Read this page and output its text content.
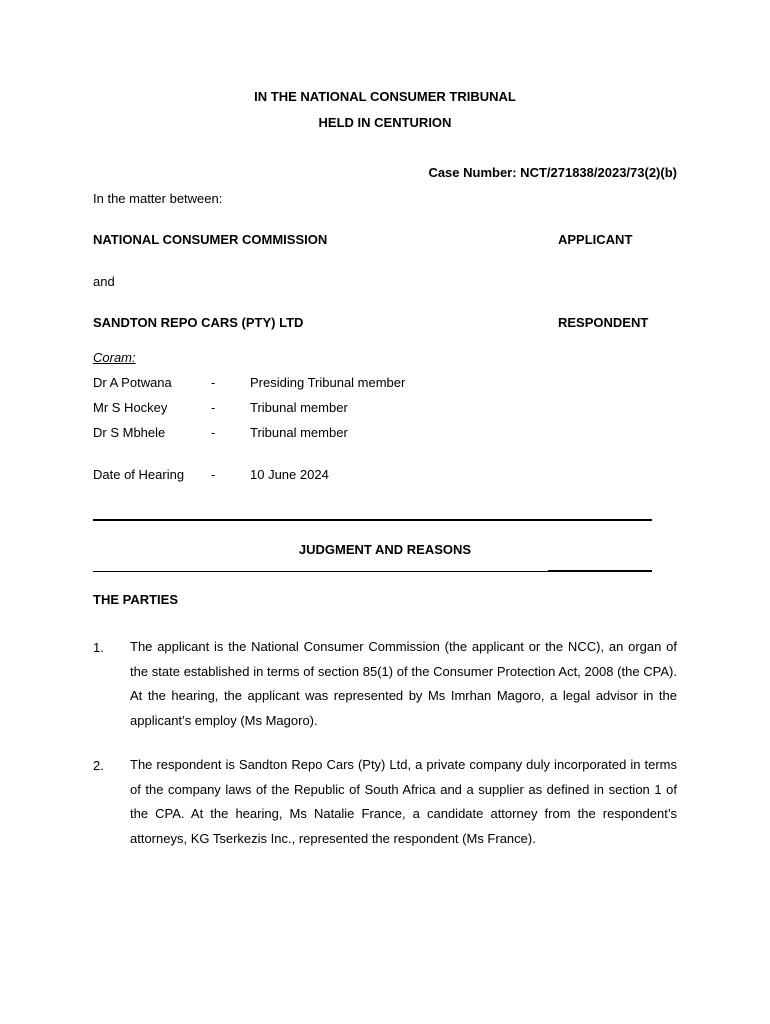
IN THE NATIONAL CONSUMER TRIBUNAL
HELD IN CENTURION
Case Number: NCT/271838/2023/73(2)(b)
In the matter between:
NATIONAL CONSUMER COMMISSION	APPLICANT
and
SANDTON REPO CARS (PTY) LTD	RESPONDENT
Coram:
Dr A Potwana	-	Presiding Tribunal member
Mr S Hockey	-	Tribunal member
Dr S Mbhele	-	Tribunal member
Date of Hearing -	10 June 2024
JUDGMENT AND REASONS
THE PARTIES
1. The applicant is the National Consumer Commission (the applicant or the NCC), an organ of the state established in terms of section 85(1) of the Consumer Protection Act, 2008 (the CPA). At the hearing, the applicant was represented by Ms Imrhan Magoro, a legal advisor in the applicant’s employ (Ms Magoro).
2. The respondent is Sandton Repo Cars (Pty) Ltd, a private company duly incorporated in terms of the company laws of the Republic of South Africa and a supplier as defined in section 1 of the CPA. At the hearing, Ms Natalie France, a candidate attorney from the respondent’s attorneys, KG Tserkezis Inc., represented the respondent (Ms France).
